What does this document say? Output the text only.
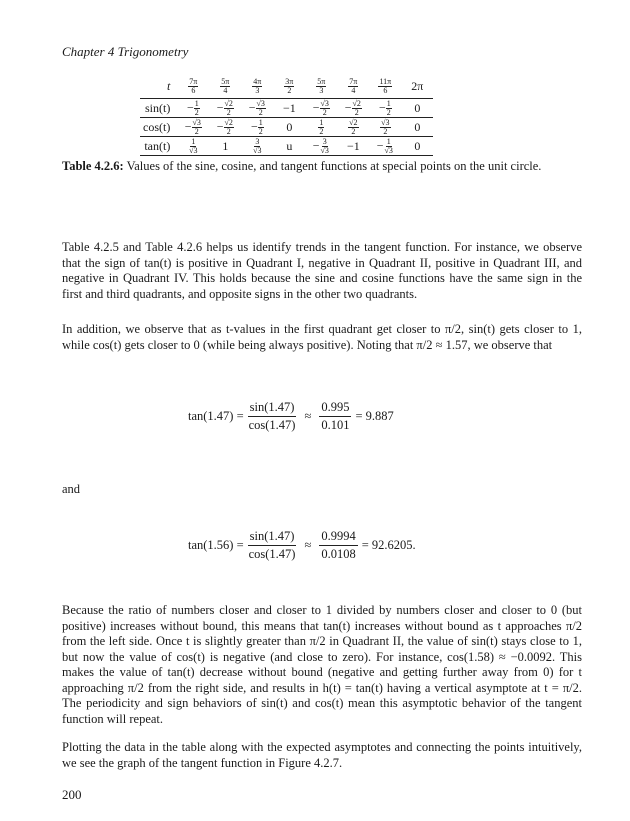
Chapter 4 Trigonometry
t	$\frac{7\pi}{6}$	$\frac{5\pi}{4}$	$\frac{4\pi}{3}$	$\frac{3\pi}{2}$	$\frac{5\pi}{3}$	$\frac{7\pi}{4}$	$\frac{11\pi}{6}$	2π
sin(t)	− $\frac{1}{2}$	− $\frac{√2}{2}$	− $\frac{√3}{2}$	−1	− $\frac{√3}{2}$	− $\frac{√2}{2}$	− $\frac{1}{2}$	0
cos(t)	− $\frac{√3}{2}$	− $\frac{√2}{2}$	− $\frac{1}{2}$	0	$\frac{1}{2}$	$\frac{√2}{2}$	$\frac{√3}{2}$	0
tan(t)	$\frac{1}{√3}$	1	$\frac{3}{√3}$	u	− $\frac{3}{√3}$	−1	− $\frac{1}{√3}$	0
Table 4.2.6: Values of the sine, cosine, and tangent functions at special points on the unit circle.

Table 4.2.5 and Table 4.2.6 helps us identify trends in the tangent function. For instance, we observe that the sign of tan(t) is positive in Quadrant I, negative in Quadrant II, positive in Quadrant III, and negative in Quadrant IV. This holds because the sine and cosine functions have the same sign in the first and third quadrants, and opposite signs in the other two quadrants.

In addition, we observe that as t-values in the first quadrant get closer to π/2, sin(t) gets closer to 1, while cos(t) gets closer to 0 (while being always positive). Noting that π/2 ≈ 1.57, we observe that

$\tan(1.47) = \frac{\sin(1.47)}{\cos(1.47)} \approx \frac{0.995}{0.101} = 9.887$

and

$\tan(1.56) = \frac{\sin(1.47)}{\cos(1.47)} \approx \frac{0.9994}{0.0108} = 92.6205$.

Because the ratio of numbers closer and closer to 1 divided by numbers closer and closer to 0 (but positive) increases without bound, this means that tan(t) increases without bound as t approaches π/2 from the left side. Once t is slightly greater than π/2 in Quadrant II, the value of sin(t) stays close to 1, but now the value of cos(t) is negative (and close to zero). For instance, cos(1.58) ≈ −0.0092. This makes the value of tan(t) decrease without bound (negative and getting further away from 0) for t approaching π/2 from the right side, and results in h(t) = tan(t) having a vertical asymptote at t = π/2. The periodicity and sign behaviors of sin(t) and cos(t) mean this asymptotic behavior of the tangent function will repeat.

Plotting the data in the table along with the expected asymptotes and connecting the points intuitively, we see the graph of the tangent function in Figure 4.2.7.

200
